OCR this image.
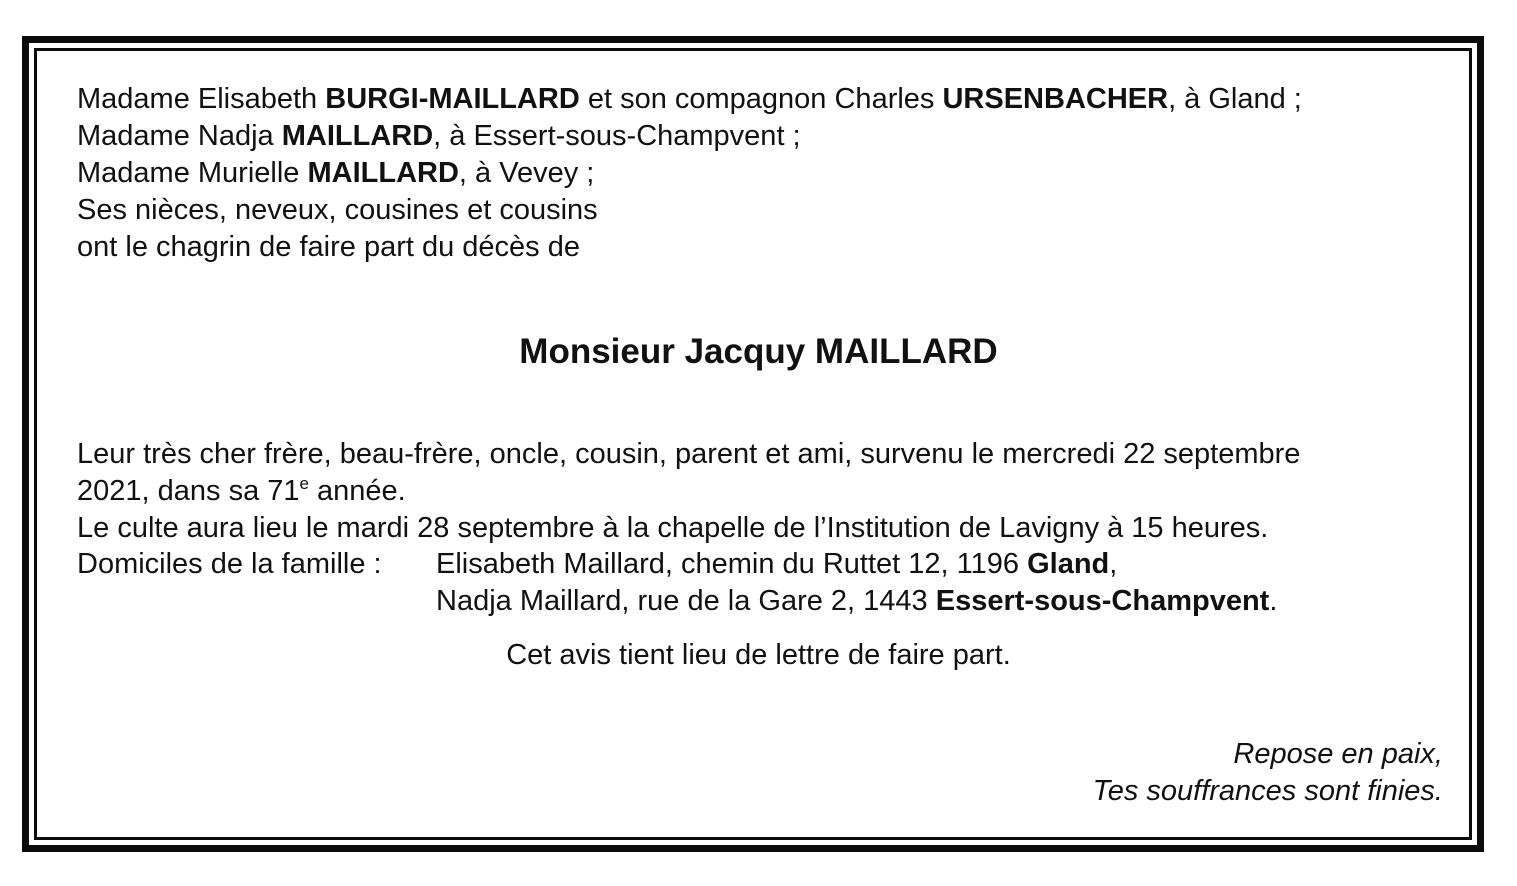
Madame Elisabeth BURGI-MAILLARD et son compagnon Charles URSENBACHER, à Gland ;

Madame Nadja MAILLARD, à Essert-sous-Champvent ;

Madame Murielle MAILLARD, à Vevey ;

Ses nièces, neveux, cousines et cousins

ont le chagrin de faire part du décès de

Monsieur Jacquy MAILLARD

Leur très cher frère, beau-frère, oncle, cousin, parent et ami, survenu le mercredi 22 septembre

2021, dans sa 71e année.

Le culte aura lieu le mardi 28 septembre à la chapelle de l’Institution de Lavigny à 15 heures.

Domiciles de la famille : Elisabeth Maillard, chemin du Ruttet 12, 1196 Gland,

Nadja Maillard, rue de la Gare 2, 1443 Essert-sous-Champvent.

Cet avis tient lieu de lettre de faire part.

Repose en paix,

Tes souffrances sont finies.
